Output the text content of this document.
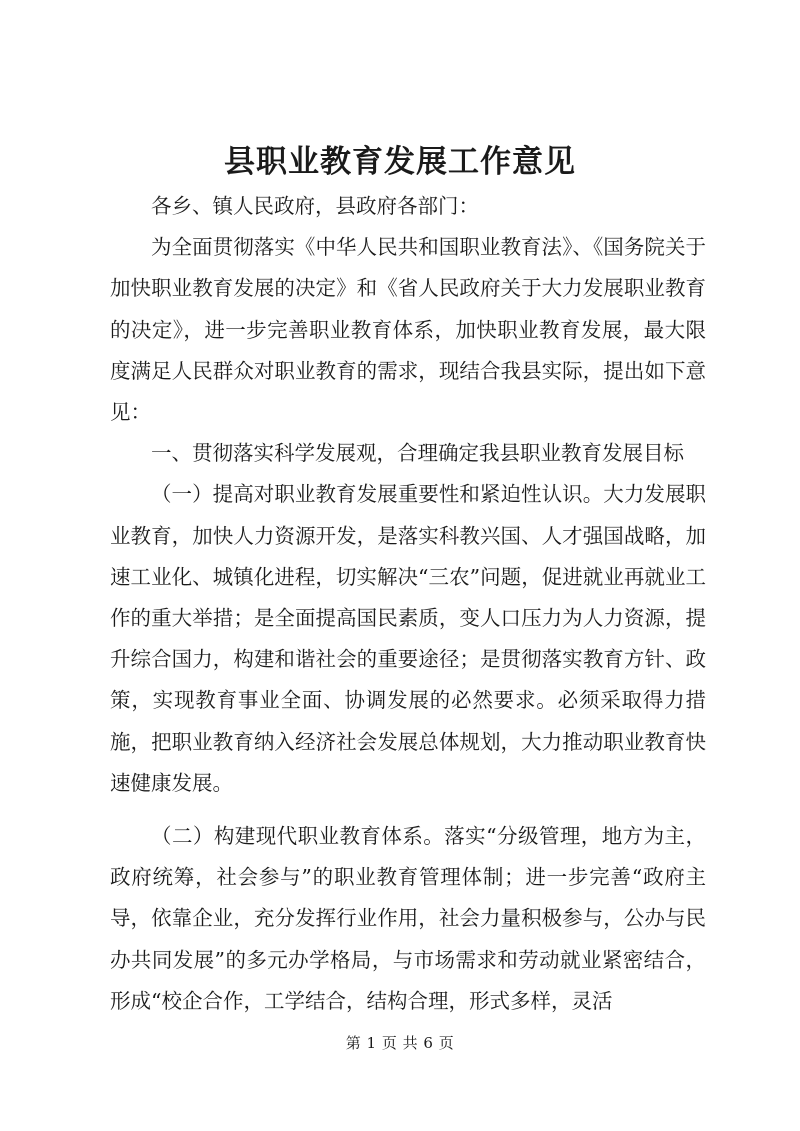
县职业教育发展工作意见

各乡、镇人民政府，县政府各部门：

为全面贯彻落实《中华人民共和国职业教育法》、《国务院关于加快职业教育发展的决定》和《省人民政府关于大力发展职业教育的决定》，进一步完善职业教育体系，加快职业教育发展，最大限度满足人民群众对职业教育的需求，现结合我县实际，提出如下意见：

一、贯彻落实科学发展观，合理确定我县职业教育发展目标

（一）提高对职业教育发展重要性和紧迫性认识。大力发展职业教育，加快人力资源开发，是落实科教兴国、人才强国战略，加速工业化、城镇化进程，切实解决“三农”问题，促进就业再就业工作的重大举措；是全面提高国民素质，变人口压力为人力资源，提升综合国力，构建和谐社会的重要途径；是贯彻落实教育方针、政策，实现教育事业全面、协调发展的必然要求。必须采取得力措施，把职业教育纳入经济社会发展总体规划，大力推动职业教育快速健康发展。

（二）构建现代职业教育体系。落实“分级管理，地方为主，政府统筹，社会参与”的职业教育管理体制；进一步完善“政府主导，依靠企业，充分发挥行业作用，社会力量积极参与，公办与民办共同发展”的多元办学格局，与市场需求和劳动就业紧密结合，形成“校企合作，工学结合，结构合理，形式多样，灵活

第 1 页 共 6 页
